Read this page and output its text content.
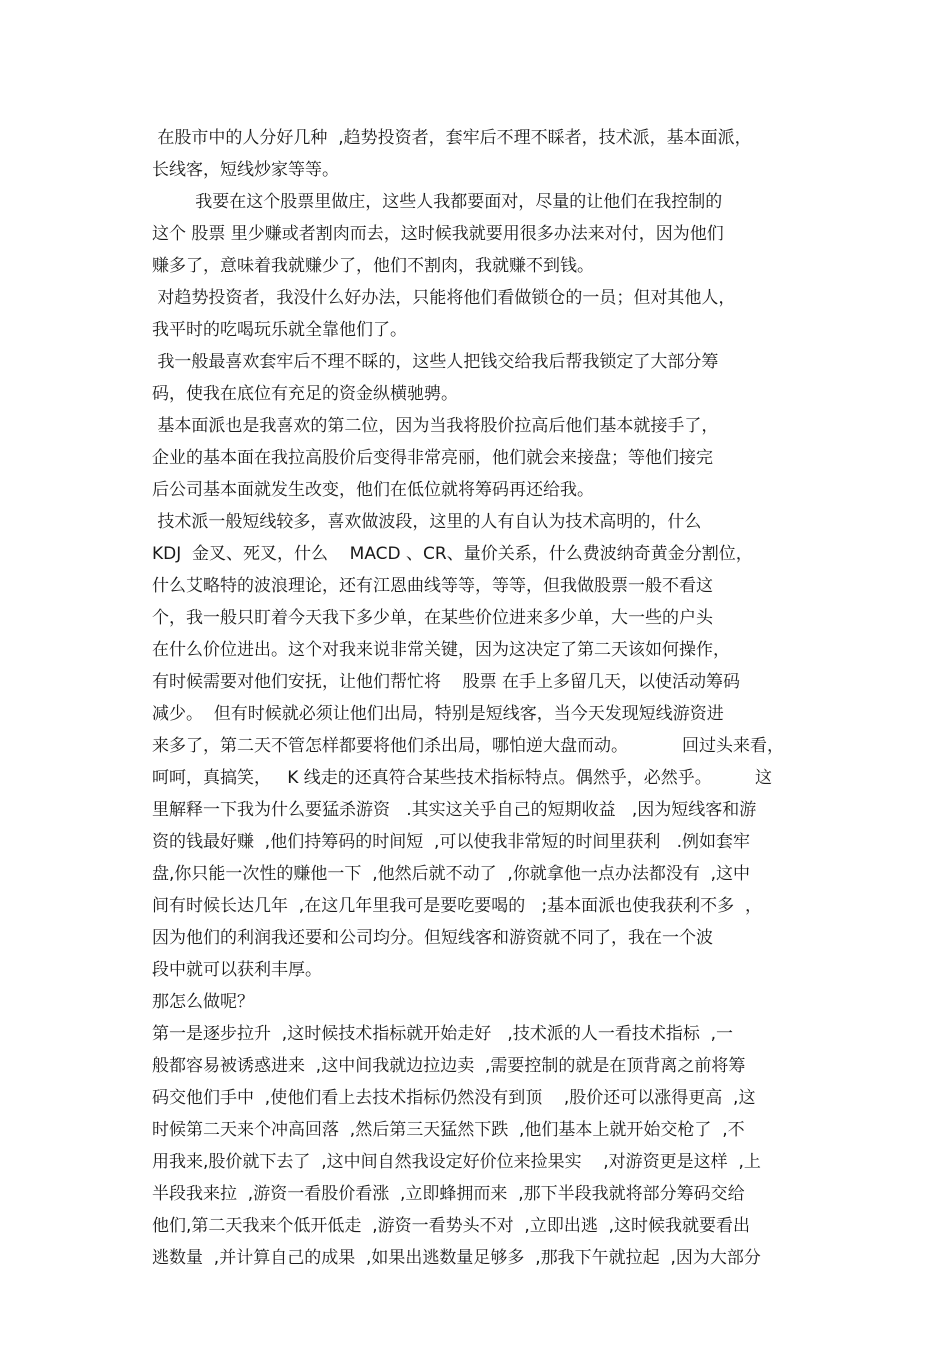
在股市中的人分好几种  ,趋势投资者，套牢后不理不睬者，技术派，基本面派，

长线客，短线炒家等等。

我要在这个股票里做庄，这些人我都要面对，尽量的让他们在我控制的

这个 股票 里少赚或者割肉而去，这时候我就要用很多办法来对付，因为他们

赚多了，意味着我就赚少了，他们不割肉，我就赚不到钱。

对趋势投资者，我没什么好办法，只能将他们看做锁仓的一员；但对其他人，

我平时的吃喝玩乐就全靠他们了。

我一般最喜欢套牢后不理不睬的，这些人把钱交给我后帮我锁定了大部分筹

码，使我在底位有充足的资金纵横驰骋。

基本面派也是我喜欢的第二位，因为当我将股价拉高后他们基本就接手了，

企业的基本面在我拉高股价后变得非常亮丽，他们就会来接盘；等他们接完

后公司基本面就发生改变，他们在低位就将筹码再还给我。

技术派一般短线较多，喜欢做波段，这里的人有自认为技术高明的，什么

KDJ  金叉、死叉，什么    MACD 、CR、量价关系，什么费波纳奇黄金分割位，

什么艾略特的波浪理论，还有江恩曲线等等，等等，但我做股票一般不看这

个，我一般只盯着今天我下多少单，在某些价位进来多少单，大一些的户头

在什么价位进出。这个对我来说非常关键，因为这决定了第二天该如何操作，

有时候需要对他们安抚，让他们帮忙将    股票 在手上多留几天，以使活动筹码

减少。  但有时候就必须让他们出局，特别是短线客，当今天发现短线游资进

来多了，第二天不管怎样都要将他们杀出局，哪怕逆大盘而动。          回过头来看，

呵呵，真搞笑，   K 线走的还真符合某些技术指标特点。偶然乎，必然乎。        这

里解释一下我为什么要猛杀游资   .其实这关乎自己的短期收益   ,因为短线客和游

资的钱最好赚  ,他们持筹码的时间短  ,可以使我非常短的时间里获利   .例如套牢

盘,你只能一次性的赚他一下  ,他然后就不动了  ,你就拿他一点办法都没有  ,这中

间有时候长达几年  ,在这几年里我可是要吃要喝的   ;基本面派也使我获利不多  ，

因为他们的利润我还要和公司均分。但短线客和游资就不同了，我在一个波

段中就可以获利丰厚。

那怎么做呢？

第一是逐步拉升  ,这时候技术指标就开始走好   ,技术派的人一看技术指标  ,一

般都容易被诱惑进来  ,这中间我就边拉边卖  ,需要控制的就是在顶背离之前将筹

码交他们手中  ,使他们看上去技术指标仍然没有到顶    ,股价还可以涨得更高  ,这

时候第二天来个冲高回落  ,然后第三天猛然下跌  ,他们基本上就开始交枪了  ,不

用我来,股价就下去了  ,这中间自然我设定好价位来捡果实    ,对游资更是这样  ,上

半段我来拉  ,游资一看股价看涨  ,立即蜂拥而来  ,那下半段我就将部分筹码交给

他们,第二天我来个低开低走  ,游资一看势头不对  ,立即出逃  ,这时候我就要看出

逃数量  ,并计算自己的成果  ,如果出逃数量足够多  ,那我下午就拉起  ,因为大部分
